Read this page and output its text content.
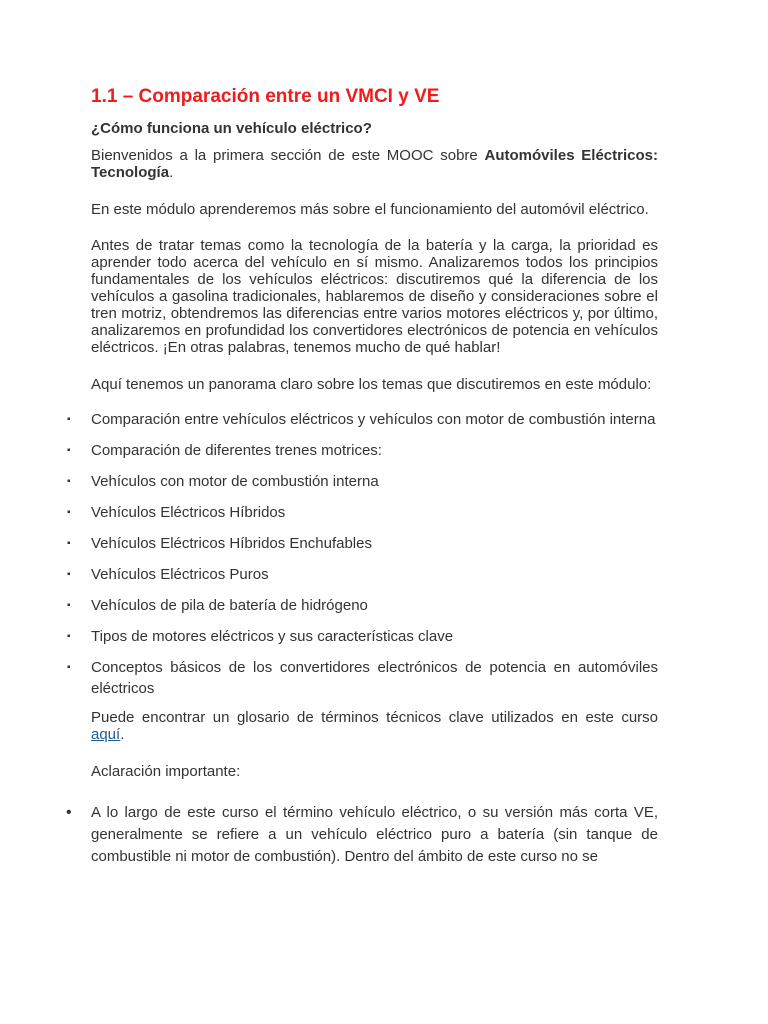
1.1 – Comparación entre un VMCI y VE
¿Cómo funciona un vehículo eléctrico?

Bienvenidos a la primera sección de este MOOC sobre Automóviles Eléctricos: Tecnología.

En este módulo aprenderemos más sobre el funcionamiento del automóvil eléctrico.

Antes de tratar temas como la tecnología de la batería y la carga, la prioridad es aprender todo acerca del vehículo en sí mismo. Analizaremos todos los principios fundamentales de los vehículos eléctricos: discutiremos qué la diferencia de los vehículos a gasolina tradicionales, hablaremos de diseño y consideraciones sobre el tren motriz, obtendremos las diferencias entre varios motores eléctricos y, por último, analizaremos en profundidad los convertidores electrónicos de potencia en vehículos eléctricos. ¡En otras palabras, tenemos mucho de qué hablar!

Aquí tenemos un panorama claro sobre los temas que discutiremos en este módulo:

▪ Comparación entre vehículos eléctricos y vehículos con motor de combustión interna
▪ Comparación de diferentes trenes motrices:
▪ Vehículos con motor de combustión interna
▪ Vehículos Eléctricos Híbridos
▪ Vehículos Eléctricos Híbridos Enchufables
▪ Vehículos Eléctricos Puros
▪ Vehículos de pila de batería de hidrógeno
▪ Tipos de motores eléctricos y sus características clave
▪ Conceptos básicos de los convertidores electrónicos de potencia en automóviles eléctricos

Puede encontrar un glosario de términos técnicos clave utilizados en este curso aquí.

Aclaración importante:

• A lo largo de este curso el término vehículo eléctrico, o su versión más corta VE, generalmente se refiere a un vehículo eléctrico puro a batería (sin tanque de combustible ni motor de combustión). Dentro del ámbito de este curso no se
